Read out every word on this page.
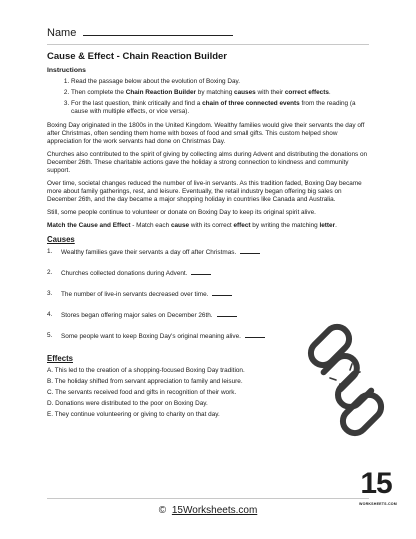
Name
Cause & Effect - Chain Reaction Builder
Instructions
1. Read the passage below about the evolution of Boxing Day.
2. Then complete the Chain Reaction Builder by matching causes with their correct effects.
3. For the last question, think critically and find a chain of three connected events from the reading (a cause with multiple effects, or vice versa).

Boxing Day originated in the 1800s in the United Kingdom. Wealthy families would give their servants the day off after Christmas, often sending them home with boxes of food and small gifts. This custom helped show appreciation for the work servants had done on Christmas Day.

Churches also contributed to the spirit of giving by collecting alms during Advent and distributing the donations on December 26th. These charitable actions gave the holiday a strong connection to kindness and community support.

Over time, societal changes reduced the number of live-in servants. As this tradition faded, Boxing Day became more about family gatherings, rest, and leisure. Eventually, the retail industry began offering big sales on December 26th, and the day became a major shopping holiday in countries like Canada and Australia.

Still, some people continue to volunteer or donate on Boxing Day to keep its original spirit alive.

Match the Cause and Effect - Match each cause with its correct effect by writing the matching letter.

Causes
1. Wealthy families gave their servants a day off after Christmas.
2. Churches collected donations during Advent.
3. The number of live-in servants decreased over time.
4. Stores began offering major sales on December 26th.
5. Some people want to keep Boxing Day's original meaning alive.
Effects
A. This led to the creation of a shopping-focused Boxing Day tradition.
B. The holiday shifted from servant appreciation to family and leisure.
C. The servants received food and gifts in recognition of their work.
D. Donations were distributed to the poor on Boxing Day.
E. They continue volunteering or giving to charity on that day.
© 15Worksheets.com
15
WORKSHEETS.COM
